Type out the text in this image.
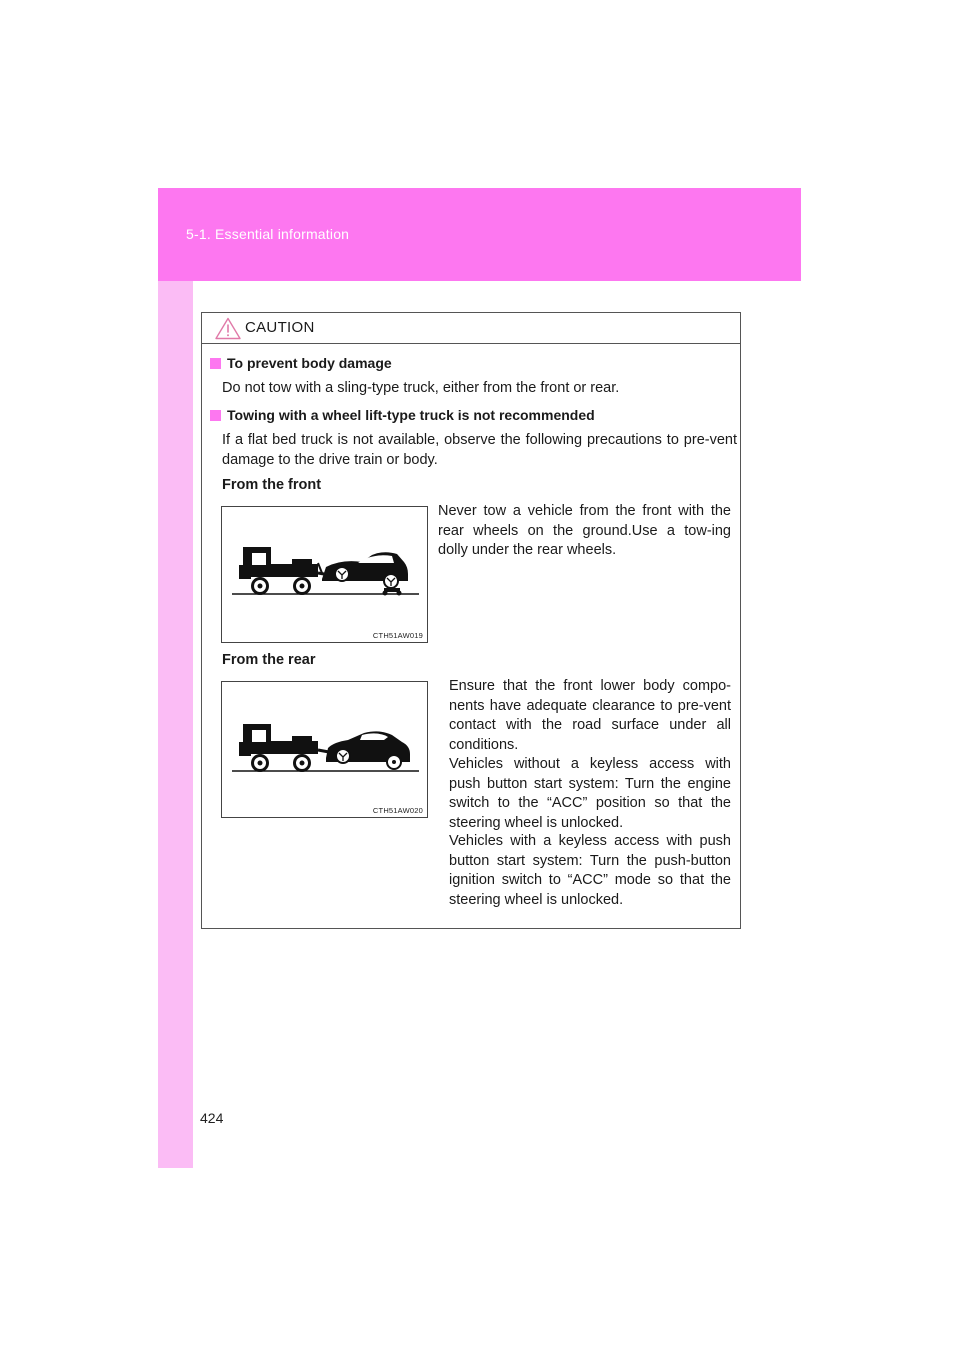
5-1. Essential information
CAUTION
To prevent body damage
Do not tow with a sling-type truck, either from the front or rear.
Towing with a wheel lift-type truck is not recommended
If a flat bed truck is not available, observe the following precautions to pre-vent damage to the drive train or body.
From the front
CTH51AW019
Never tow a vehicle from the front with the rear wheels on the ground.Use a tow-ing dolly under the rear wheels.
From the rear
CTH51AW020
Ensure that the front lower body compo-nents have adequate clearance to pre-vent contact with the road surface under all conditions.
Vehicles without a keyless access with push button start system: Turn the engine switch to the “ACC” position so that the steering wheel is unlocked.
Vehicles with a keyless access with push button start system: Turn the push-button ignition switch to “ACC” mode so that the steering wheel is unlocked.
424
